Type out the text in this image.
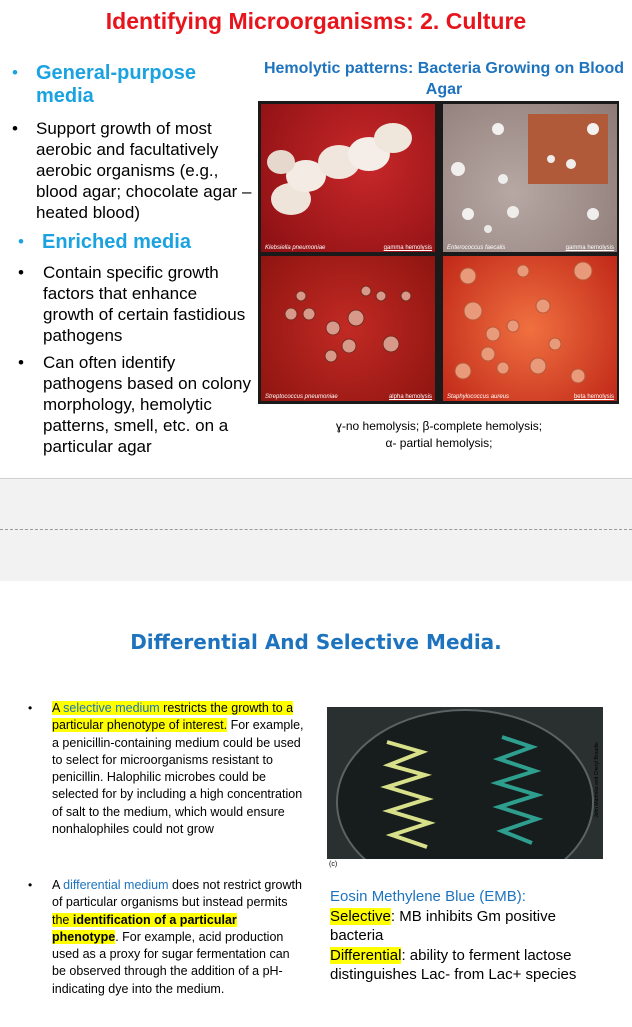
Identifying Microorganisms: 2. Culture
• General-purpose media
• Support growth of most aerobic and facultatively aerobic organisms (e.g., blood agar; chocolate agar – heated blood)
• Enriched media
• Contain specific growth factors that enhance growth of certain fastidious pathogens
• Can often identify pathogens based on colony morphology, hemolytic patterns, smell, etc. on a particular agar
Hemolytic patterns: Bacteria Growing on Blood Agar
Klebsiella pneumoniae	gamma hemolysis	Enterococcus faecalis	gamma hemolysis
Streptococcus pneumoniae	alpha hemolysis	Staphylococcus aureus	beta hemolysis
ɣ-no hemolysis; β-complete hemolysis;
α- partial hemolysis;
Differential And Selective Media.
• A selective medium restricts the growth to a particular phenotype of interest. For example, a penicillin-containing medium could be used to select for microorganisms resistant to penicillin. Halophilic microbes could be selected for by including a high concentration of salt to the medium, which would ensure nonhalophiles could not grow
• A differential medium does not restrict growth of particular organisms but instead permits the identification of a particular phenotype. For example, acid production used as a proxy for sugar fermentation can be observed through the addition of a pH-indicating dye into the medium.
(c)
John Martinko and Cheryl Broadie
Eosin Methylene Blue (EMB):
Selective: MB inhibits Gm positive bacteria
Differential: ability to ferment lactose distinguishes Lac- from Lac+ species
